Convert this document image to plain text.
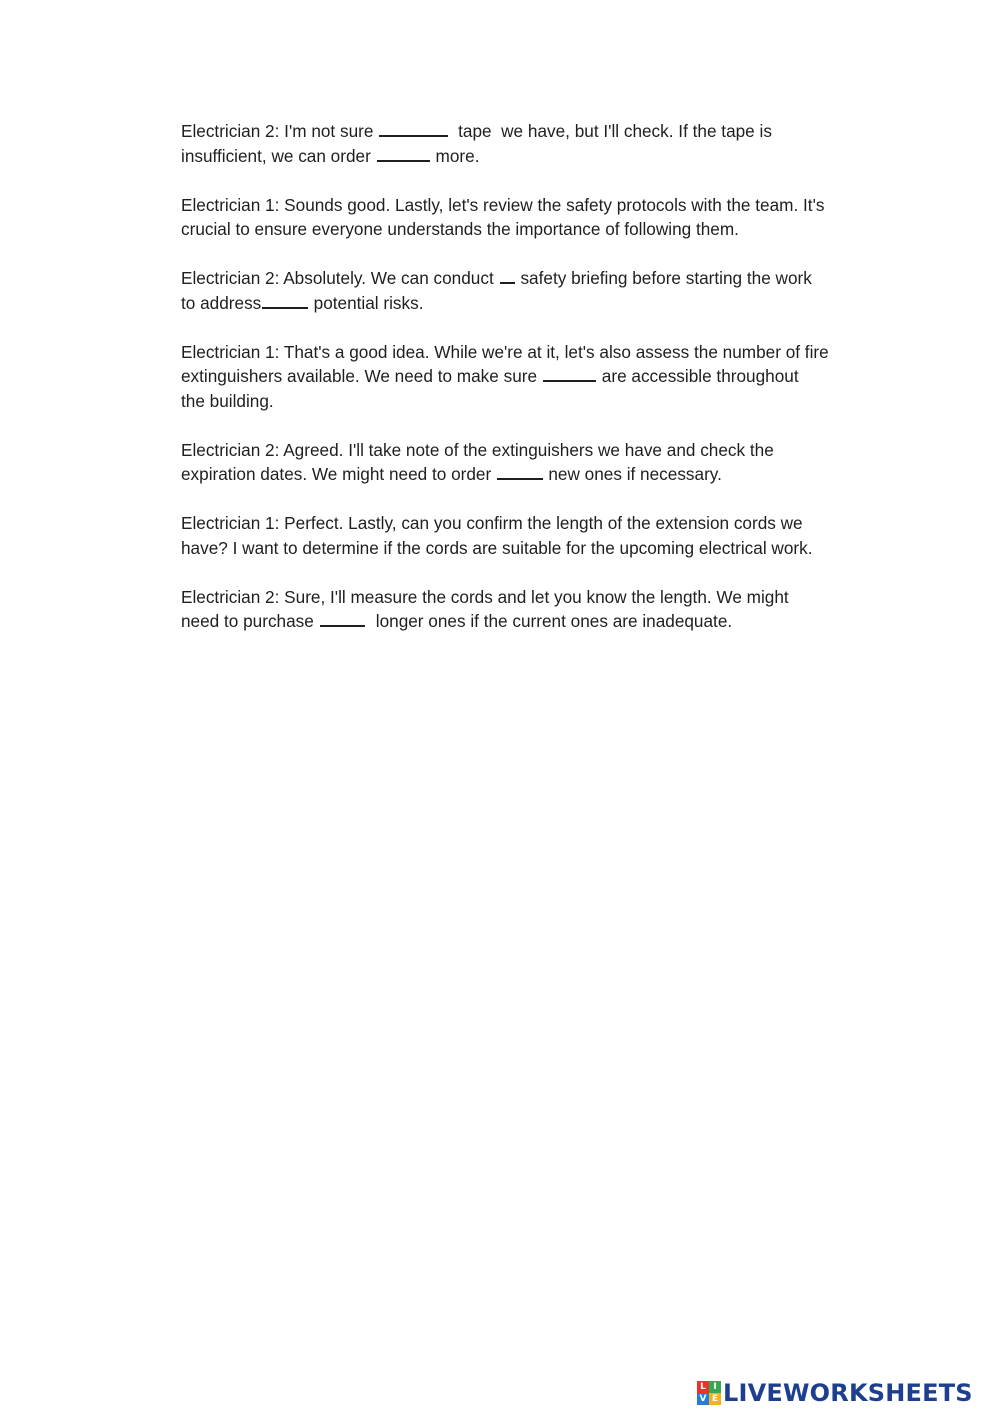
Electrician 2: I'm not sure	tape  we have, but I'll check. If the tape is
insufficient, we can order	more.

Electrician 1: Sounds good. Lastly, let's review the safety protocols with the team. It's
crucial to ensure everyone understands the importance of following them.

Electrician 2: Absolutely. We can conduct  safety briefing before starting the work
to address	potential risks.

Electrician 1: That's a good idea. While we're at it, let's also assess the number of fire
extinguishers available. We need to make sure	are accessible throughout
the building.

Electrician 2: Agreed. I'll take note of the extinguishers we have and check the
expiration dates. We might need to order	new ones if necessary.

Electrician 1: Perfect. Lastly, can you confirm the length of the extension cords we
have? I want to determine if the cords are suitable for the upcoming electrical work.

Electrician 2: Sure, I'll measure the cords and let you know the length. We might
need to purchase	longer ones if the current ones are inadequate.

L I
V E LIVEWORKSHEETS
